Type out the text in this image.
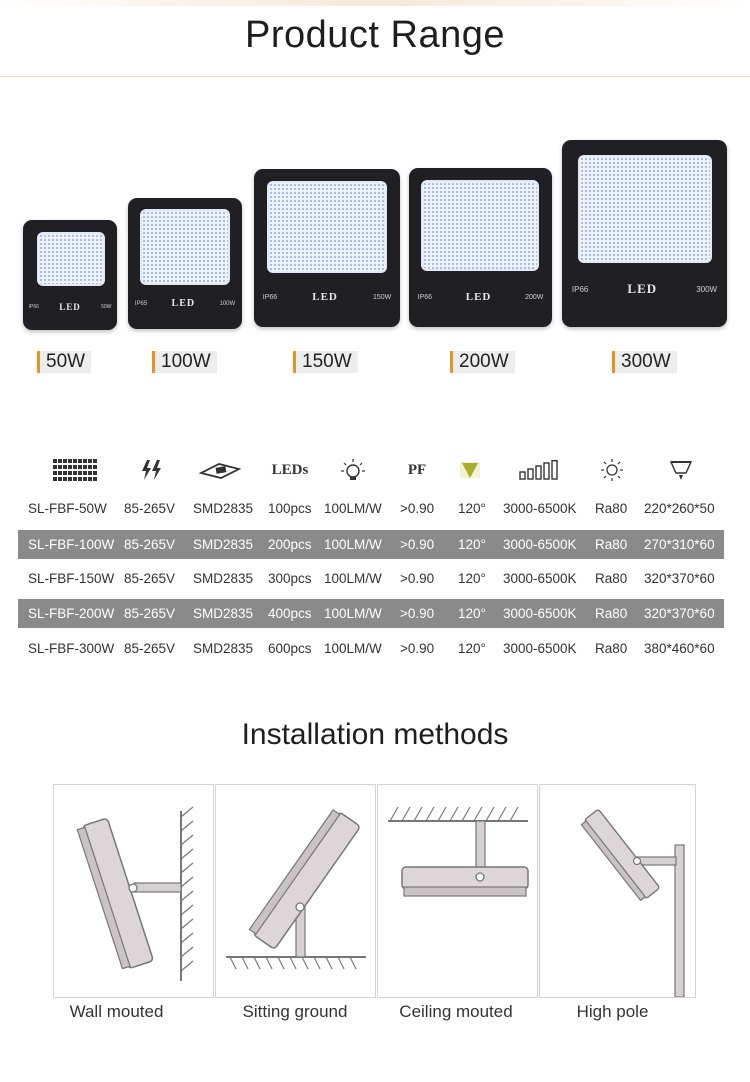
Product Range
IP66 LED	50W
IP65 LED	100W
IP66	LED	150W	IP66	LED	200W
IP66	LED	300W
50W	100W	150W	200W	300W
LEDs	PF
SL-FBF-50W 85-265V SMD2835 100pcs 100LM/W >0.90 120° 3000-6500K Ra80 220*260*50
SL-FBF-100W 85-265V SMD2835 200pcs 100LM/W >0.90 120° 3000-6500K Ra80 270*310*60
SL-FBF-150W 85-265V SMD2835 300pcs 100LM/W >0.90 120° 3000-6500K Ra80 320*370*60
SL-FBF-200W 85-265V SMD2835 400pcs 100LM/W >0.90 120° 3000-6500K Ra80 320*370*60
SL-FBF-300W 85-265V SMD2835 600pcs 100LM/W >0.90 120° 3000-6500K Ra80 380*460*60
Installation methods
Wall mouted	Sitting ground	Ceiling mouted	High pole
